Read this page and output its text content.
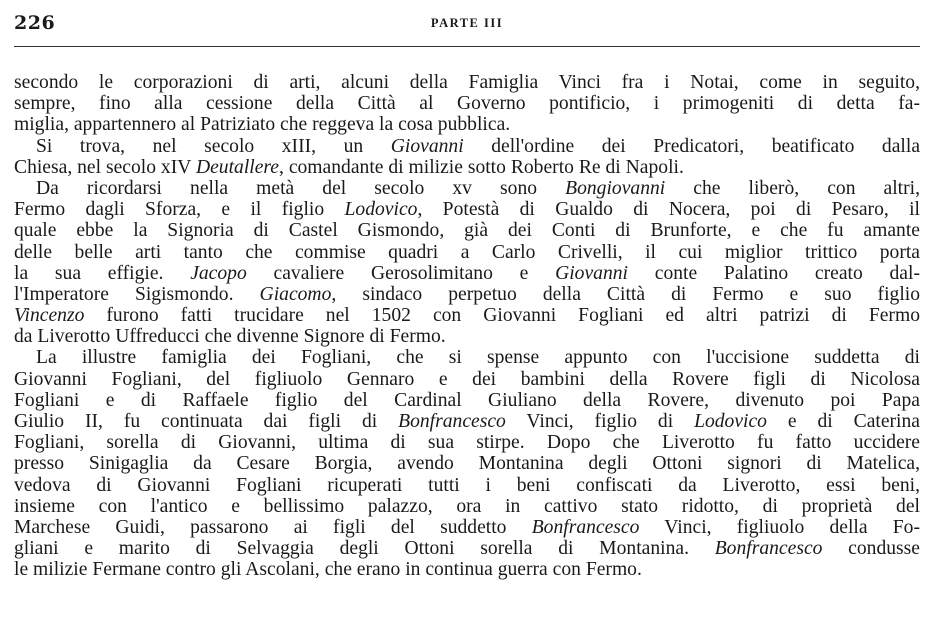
226	PARTE III
secondo le corporazioni di arti, alcuni della Famiglia Vinci fra i Notai, come in seguito,
sempre, fino alla cessione della Città al Governo pontificio, i primogeniti di detta fa-
miglia, appartennero al Patriziato che reggeva la cosa pubblica.
Si trova, nel secolo xIII, un Giovanni dell'ordine dei Predicatori, beatificato dalla
Chiesa, nel secolo xIV Deutallere, comandante di milizie sotto Roberto Re di Napoli.
Da ricordarsi nella metà del secolo xv sono Bongiovanni che liberò, con altri,
Fermo dagli Sforza, e il figlio Lodovico, Potestà di Gualdo di Nocera, poi di Pesaro, il
quale ebbe la Signoria di Castel Gismondo, già dei Conti di Brunforte, e che fu amante
delle belle arti tanto che commise quadri a Carlo Crivelli, il cui miglior trittico porta
la sua effigie. Jacopo cavaliere Gerosolimitano e Giovanni conte Palatino creato dal-
l'Imperatore Sigismondo. Giacomo, sindaco perpetuo della Città di Fermo e suo figlio
Vincenzo furono fatti trucidare nel 1502 con Giovanni Fogliani ed altri patrizi di Fermo
da Liverotto Uffreducci che divenne Signore di Fermo.
La illustre famiglia dei Fogliani, che si spense appunto con l'uccisione suddetta di
Giovanni Fogliani, del figliuolo Gennaro e dei bambini della Rovere figli di Nicolosa
Fogliani e di Raffaele figlio del Cardinal Giuliano della Rovere, divenuto poi Papa
Giulio II, fu continuata dai figli di Bonfrancesco Vinci, figlio di Lodovico e di Caterina
Fogliani, sorella di Giovanni, ultima di sua stirpe. Dopo che Liverotto fu fatto uccidere
presso Sinigaglia da Cesare Borgia, avendo Montanina degli Ottoni signori di Matelica,
vedova di Giovanni Fogliani ricuperati tutti i beni confiscati da Liverotto, essi beni,
insieme con l'antico e bellissimo palazzo, ora in cattivo stato ridotto, di proprietà del
Marchese Guidi, passarono ai figli del suddetto Bonfrancesco Vinci, figliuolo della Fo-
gliani e marito di Selvaggia degli Ottoni sorella di Montanina. Bonfrancesco condusse
le milizie Fermane contro gli Ascolani, che erano in continua guerra con Fermo.
